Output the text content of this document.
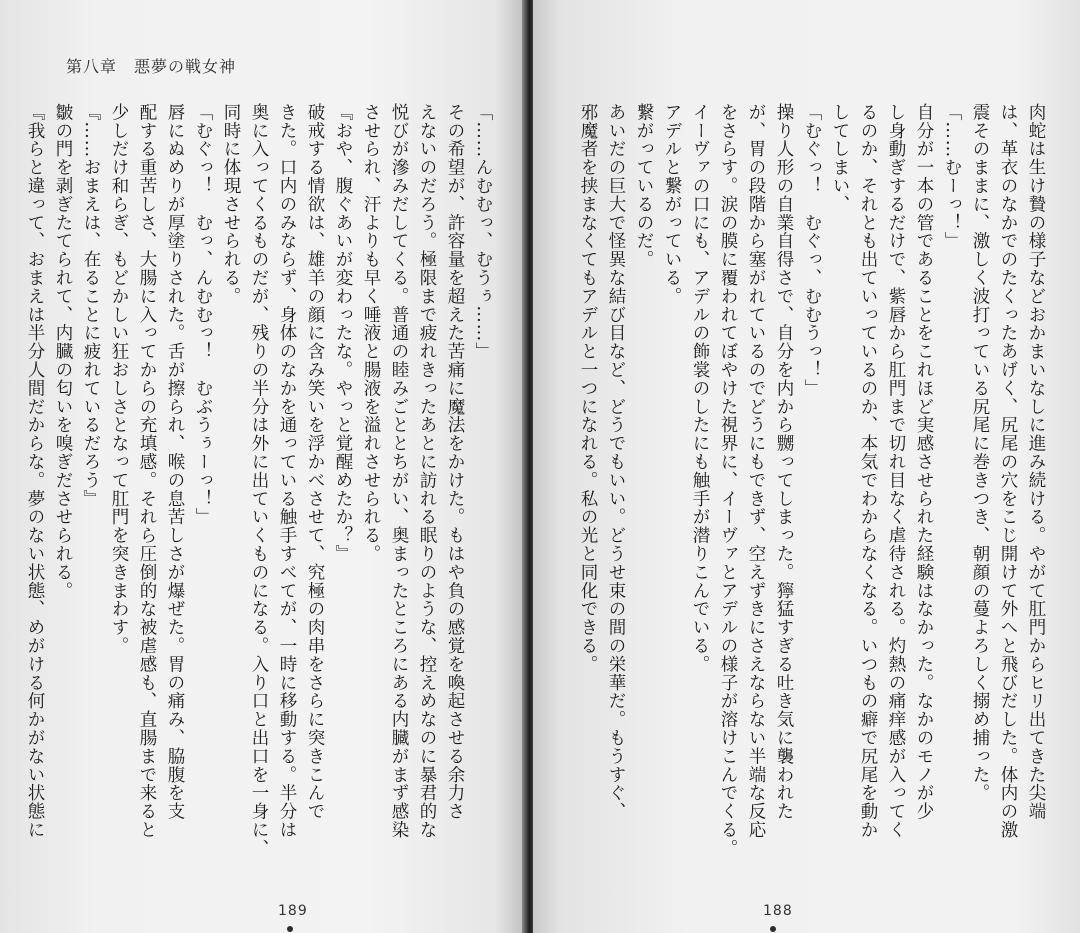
第八章　悪夢の戦女神
「……んむむっ、むうぅ……」
その希望が、許容量を超えた苦痛に魔法をかけた。もはや負の感覚を喚起させる余力さ
えないのだろう。極限まで疲れきったあとに訪れる眠りのような、控えめなのに暴君的な
悦びが滲みだしてくる。普通の睦みごととちがい、奥まったところにある内臓がまず感染
させられ、汗よりも早く唾液と腸液を溢れさせられる。
『おや、腹ぐあいが変わったな。やっと覚醒めたか？』
破戒する情欲は、雄羊の顔に含み笑いを浮かべさせて、究極の肉串をさらに突きこんで
きた。口内のみならず、身体のなかを通っている触手すべてが、一時に移動する。半分は
奥に入ってくるものだが、残りの半分は外に出ていくものになる。入り口と出口を一身に、
同時に体現させられる。
「むぐっ！　むっ、んむむっ！　むぶうぅーっ！」
唇にぬめりが厚塗りされた。舌が擦られ、喉の息苦しさが爆ぜた。胃の痛み、脇腹を支
配する重苦しさ、大腸に入ってからの充填感。それら圧倒的な被虐感も、直腸まで来ると
少しだけ和らぎ、もどかしい狂おしさとなって肛門を突きまわす。
『……おまえは、在ることに疲れているだろう』
皺の門を剥ぎたてられて、内臓の匂いを嗅ぎださせられる。
『我らと違って、おまえは半分人間だからな。夢のない状態、めがける何かがない状態に
189
肉蛇は生け贄の様子などおかまいなしに進み続ける。やがて肛門からヒリ出てきた尖端
は、革衣のなかでのたくったあげく、尻尾の穴をこじ開けて外へと飛びだした。体内の激
震そのままに、激しく波打っている尻尾に巻きつき、朝顔の蔓よろしく搦め捕った。
「……むーっ！」
自分が一本の管であることをこれほど実感させられた経験はなかった。なかのモノが少
し身動ぎするだけで、紫唇から肛門まで切れ目なく虐待される。灼熱の痛痒感が入ってく
るのか、それとも出ていっているのか、本気でわからなくなる。いつもの癖で尻尾を動か
してしまい、
「むぐっ！　むぐっ、むむうっ！」
操り人形の自業自得さで、自分を内から嬲ってしまった。獰猛すぎる吐き気に襲われた
が、胃の段階から塞がれているのでどうにもできず、空えずきにさえならない半端な反応
をさらす。涙の膜に覆われてぼやけた視界に、イーヴァとアデルの様子が溶けこんでくる。
イーヴァの口にも、アデルの飾裳のしたにも触手が潜りこんでいる。
アデルと繋がっている。
繋がっているのだ。
あいだの巨大で怪異な結び目など、どうでもいい。どうせ束の間の栄華だ。もうすぐ、
邪魔者を挟まなくてもアデルと一つになれる。私の光と同化できる。
188
